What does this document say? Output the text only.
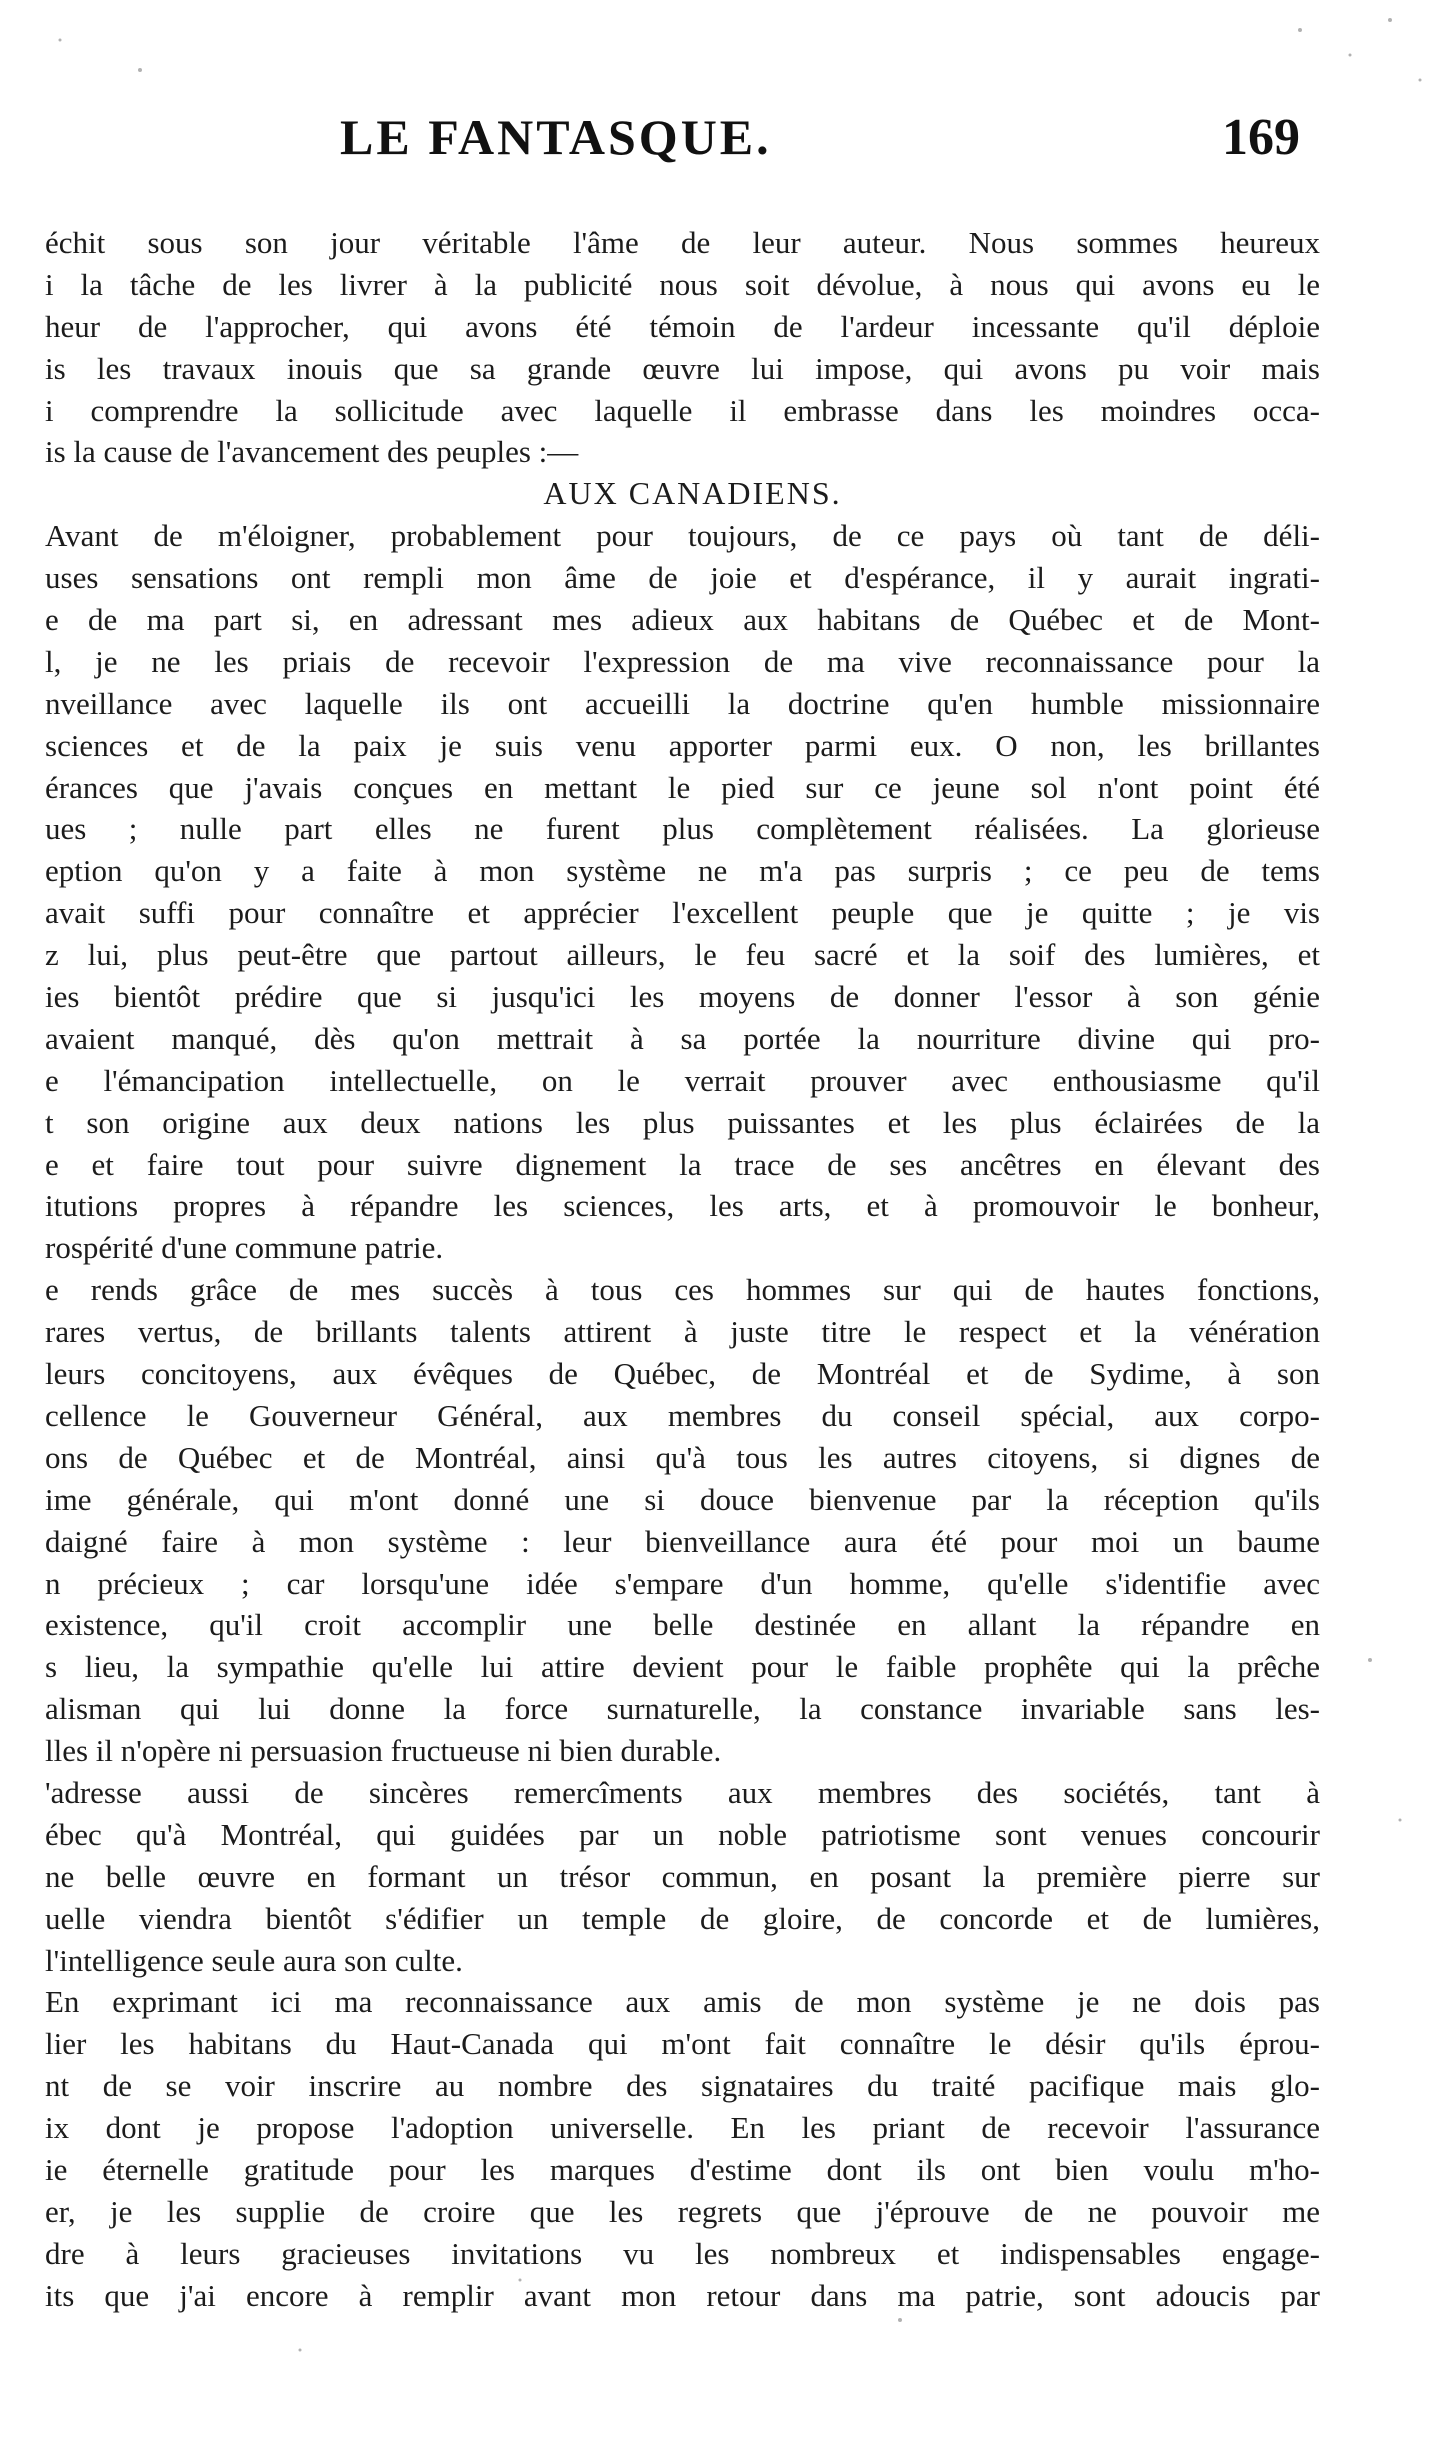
LE FANTASQUE.	169
échit sous son jour véritable l'âme de leur auteur. Nous sommes heureux
i la tâche de les livrer à la publicité nous soit dévolue, à nous qui avons eu le
heur de l'approcher, qui avons été témoin de l'ardeur incessante qu'il déploie
is les travaux inouis que sa grande œuvre lui impose, qui avons pu voir mais
i comprendre la sollicitude avec laquelle il embrasse dans les moindres occa-
is la cause de l'avancement des peuples :—
AUX CANADIENS.
Avant de m'éloigner, probablement pour toujours, de ce pays où tant de déli-
uses sensations ont rempli mon âme de joie et d'espérance, il y aurait ingrati-
e de ma part si, en adressant mes adieux aux habitans de Québec et de Mont-
l, je ne les priais de recevoir l'expression de ma vive reconnaissance pour la
nveillance avec laquelle ils ont accueilli la doctrine qu'en humble missionnaire
sciences et de la paix je suis venu apporter parmi eux. O non, les brillantes
érances que j'avais conçues en mettant le pied sur ce jeune sol n'ont point été
ues ; nulle part elles ne furent plus complètement réalisées. La glorieuse
eption qu'on y a faite à mon système ne m'a pas surpris ; ce peu de tems
avait suffi pour connaître et apprécier l'excellent peuple que je quitte ; je vis
z lui, plus peut-être que partout ailleurs, le feu sacré et la soif des lumières, et
ies bientôt prédire que si jusqu'ici les moyens de donner l'essor à son génie
avaient manqué, dès qu'on mettrait à sa portée la nourriture divine qui pro-
e l'émancipation intellectuelle, on le verrait prouver avec enthousiasme qu'il
t son origine aux deux nations les plus puissantes et les plus éclairées de la
e et faire tout pour suivre dignement la trace de ses ancêtres en élevant des
itutions propres à répandre les sciences, les arts, et à promouvoir le bonheur,
rospérité d'une commune patrie.
e rends grâce de mes succès à tous ces hommes sur qui de hautes fonctions,
rares vertus, de brillants talents attirent à juste titre le respect et la vénération
leurs concitoyens, aux évêques de Québec, de Montréal et de Sydime, à son
cellence le Gouverneur Général, aux membres du conseil spécial, aux corpo-
ons de Québec et de Montréal, ainsi qu'à tous les autres citoyens, si dignes de
ime générale, qui m'ont donné une si douce bienvenue par la réception qu'ils
daigné faire à mon système : leur bienveillance aura été pour moi un baume
n précieux ; car lorsqu'une idée s'empare d'un homme, qu'elle s'identifie avec
existence, qu'il croit accomplir une belle destinée en allant la répandre en
s lieu, la sympathie qu'elle lui attire devient pour le faible prophête qui la prêche
alisman qui lui donne la force surnaturelle, la constance invariable sans les-
lles il n'opère ni persuasion fructueuse ni bien durable.
'adresse aussi de sincères remercîments aux membres des sociétés, tant à
ébec qu'à Montréal, qui guidées par un noble patriotisme sont venues concourir
ne belle œuvre en formant un trésor commun, en posant la première pierre sur
uelle viendra bientôt s'édifier un temple de gloire, de concorde et de lumières,
l'intelligence seule aura son culte.
En exprimant ici ma reconnaissance aux amis de mon système je ne dois pas
lier les habitans du Haut-Canada qui m'ont fait connaître le désir qu'ils éprou-
nt de se voir inscrire au nombre des signataires du traité pacifique mais glo-
ix dont je propose l'adoption universelle. En les priant de recevoir l'assurance
ie éternelle gratitude pour les marques d'estime dont ils ont bien voulu m'ho-
er, je les supplie de croire que les regrets que j'éprouve de ne pouvoir me
dre à leurs gracieuses invitations vu les nombreux et indispensables engage-
its que j'ai encore à remplir avant mon retour dans ma patrie, sont adoucis par
